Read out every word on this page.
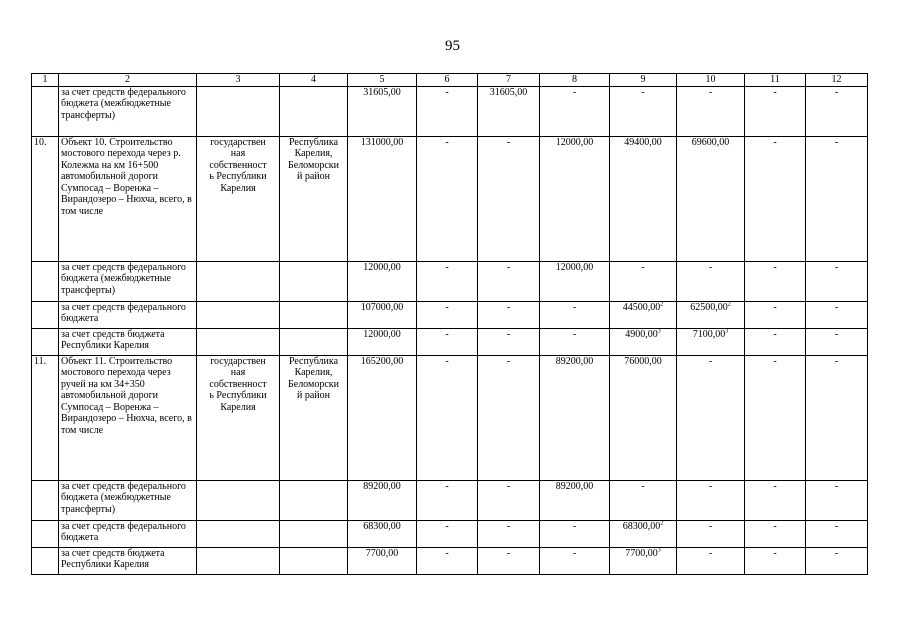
95
1	2	3	4	5	6	7	8	9	10	11	12
	за счет средств федерального бюджета (межбюджетные трансферты)			31605,00	-	31605,00	-	-	-	-	-
10.	Объект 10. Строительство мостового перехода через р. Колежма на км 16+500 автомобильной дороги Сумпосад – Воренжа – Вирандозеро – Нюхча, всего, в том числе	государственная собственность Республики Карелия	Республика Карелия, Беломорский район	131000,00	-	-	12000,00	49400,00	69600,00	-	-
	за счет средств федерального бюджета (межбюджетные трансферты)			12000,00	-	-	12000,00	-	-	-	-
	за счет средств федерального бюджета			107000,00	-	-	-	44500,00$^2$	62500,00$^2$	-	-
	за счет средств бюджета Республики Карелия			12000,00	-	-	-	4900,00$^3$	7100,00$^3$	-	-
11.	Объект 11. Строительство мостового перехода через ручей на км 34+350 автомобильной дороги Сумпосад – Воренжа – Вирандозеро – Нюхча, всего, в том числе	государственная собственность Республики Карелия	Республика Карелия, Беломорский район	165200,00	-	-	89200,00	76000,00	-	-	-
	за счет средств федерального бюджета (межбюджетные трансферты)			89200,00	-	-	89200,00	-	-	-	-
	за счет средств федерального бюджета			68300,00	-	-	-	68300,00$^2$	-	-	-
	за счет средств бюджета Республики Карелия			7700,00	-	-	-	7700,00$^3$	-	-	-
